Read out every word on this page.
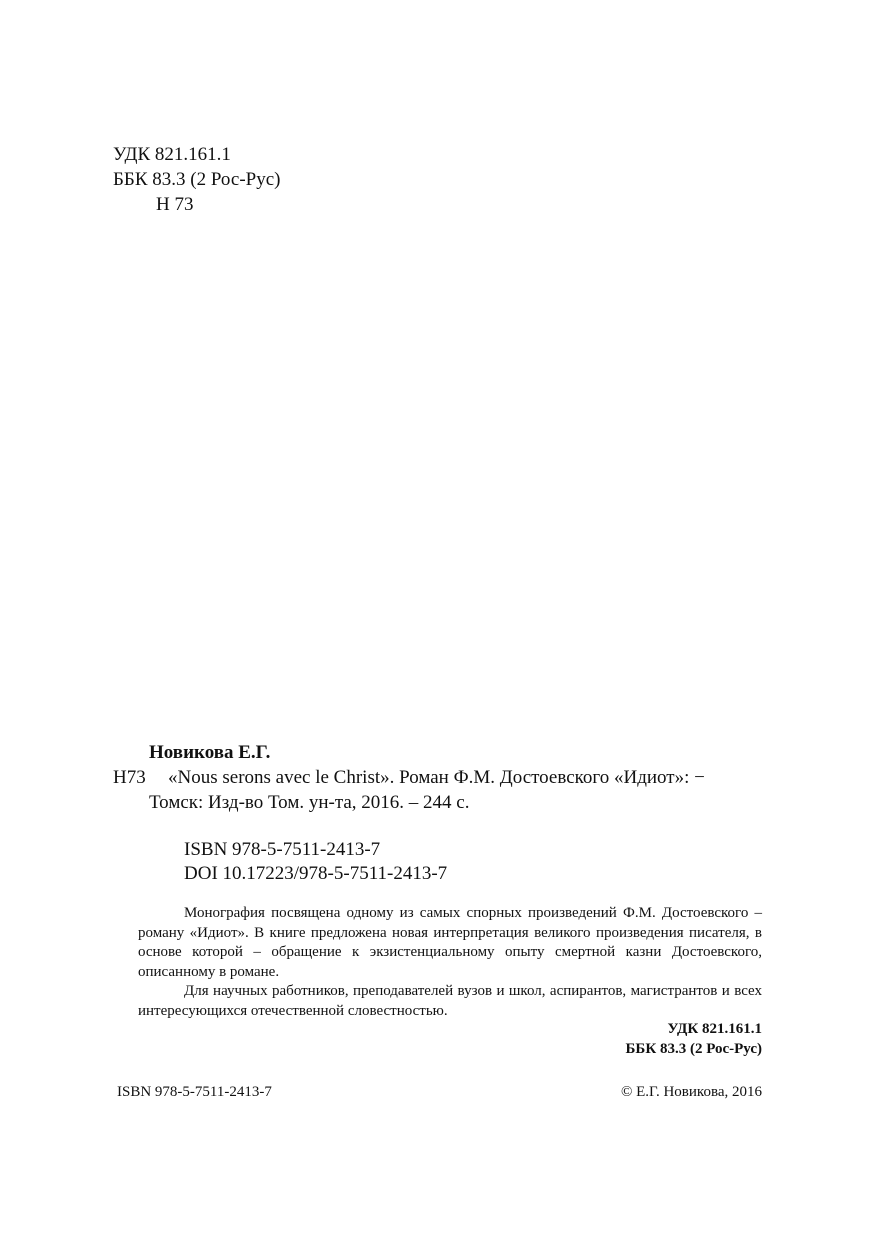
УДК 821.161.1
ББК 83.3 (2 Рос-Рус)
Н 73
Новикова Е.Г.
Н73 «Nous serons avec le Christ». Роман Ф.М. Достоевского «Идиот»: −
Томск: Изд-во Том. ун-та, 2016. – 244 с.
ISBN 978-5-7511-2413-7
DOI 10.17223/978-5-7511-2413-7

Монография посвящена одному из самых спорных произведений Ф.М. Достоевского – роману «Идиот». В книге предложена новая интерпретация великого произведения писателя, в основе которой – обращение к экзистенциальному опыту смертной казни Достоевского, описанному в романе.

Для научных работников, преподавателей вузов и школ, аспирантов, магистрантов и всех интересующихся отечественной словестностью.

УДК 821.161.1
ББК 83.3 (2 Рос-Рус)
ISBN 978-5-7511-2413-7	© Е.Г. Новикова, 2016
